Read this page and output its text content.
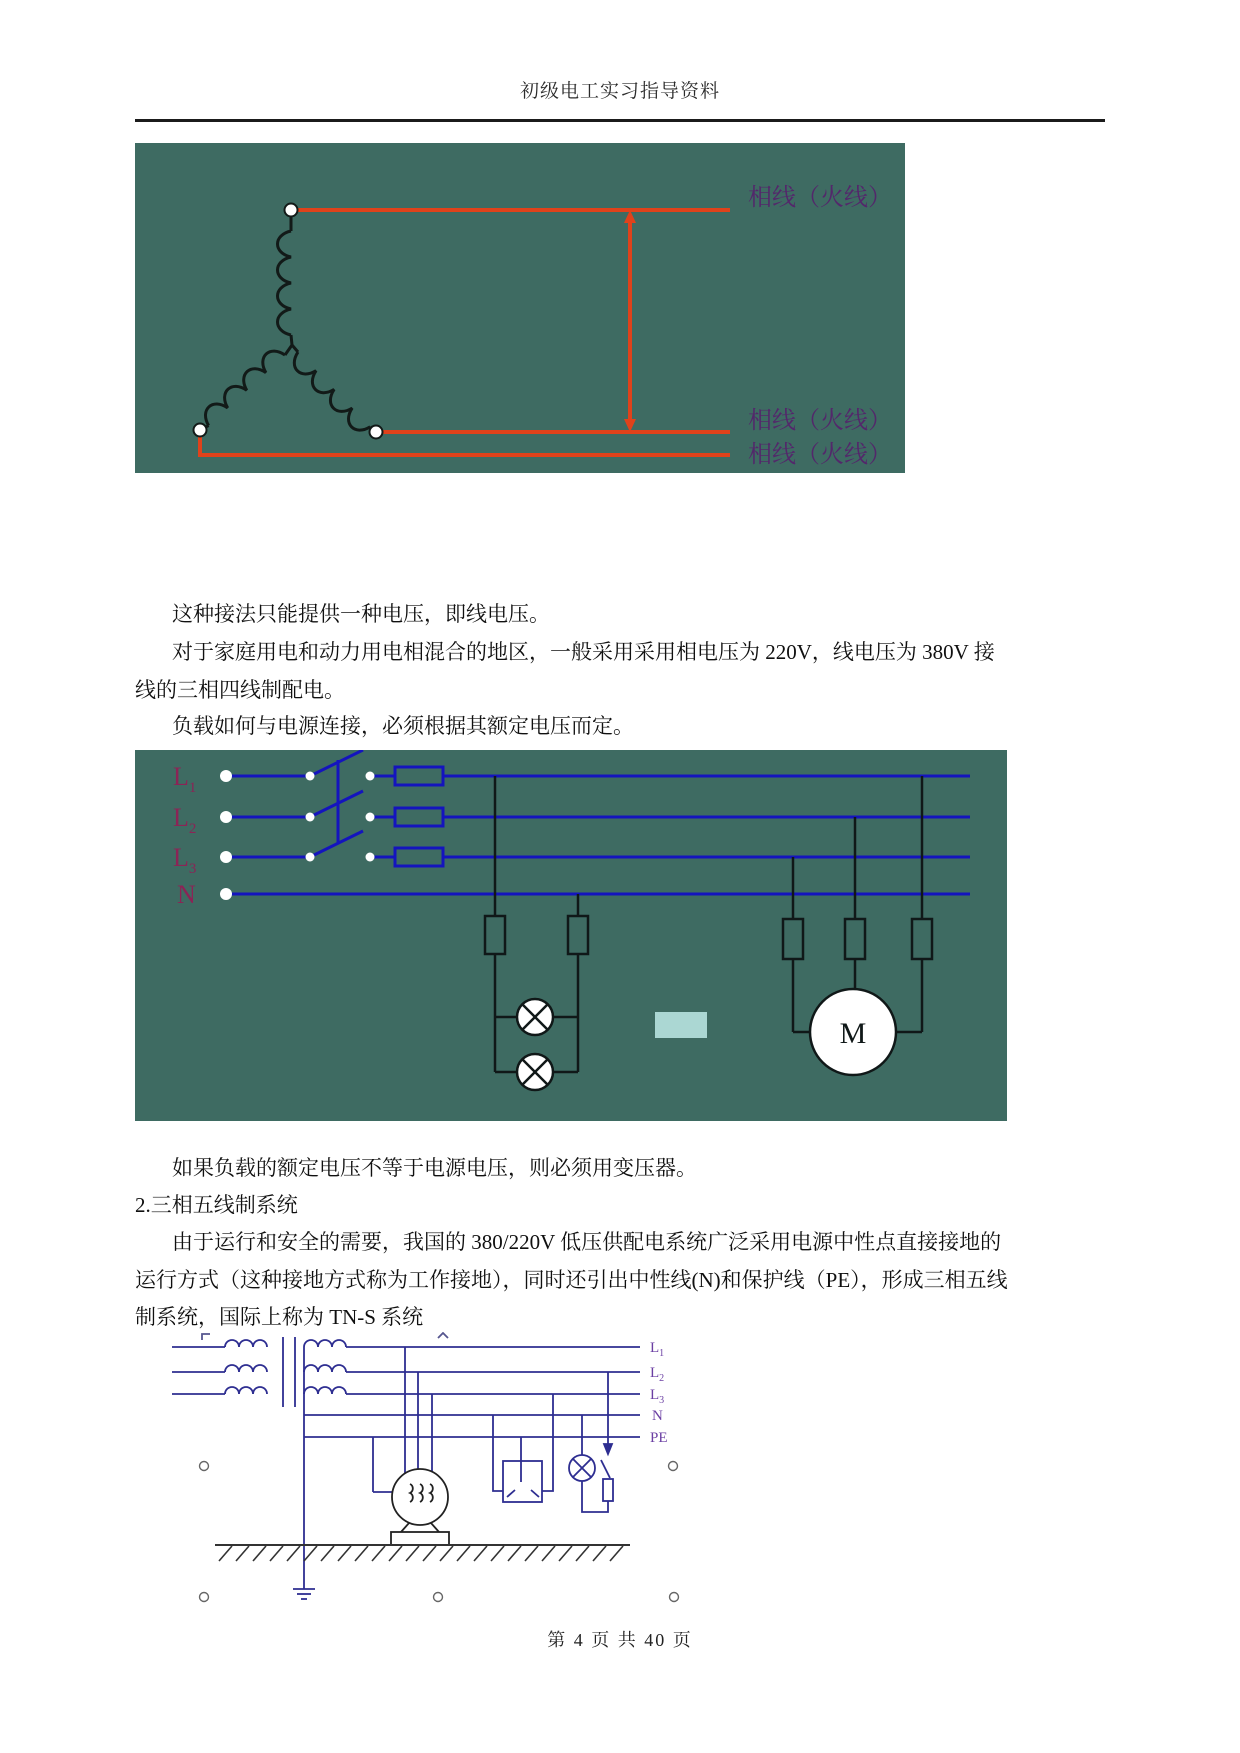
初级电工实习指导资料
相线（火线）
相线（火线）
相线（火线）
这种接法只能提供一种电压，即线电压。
对于家庭用电和动力用电相混合的地区，一般采用采用相电压为 220V，线电压为 380V 接
线的三相四线制配电。
负载如何与电源连接，必须根据其额定电压而定。
$L_1$
$L_2$
$L_3$
N
M
如果负载的额定电压不等于电源电压，则必须用变压器。
2.三相五线制系统
由于运行和安全的需要，我国的 380/220V 低压供配电系统广泛采用电源中性点直接接地的
运行方式（这种接地方式称为工作接地），同时还引出中性线(N)和保护线（PE），形成三相五线
制系统，国际上称为 TN-S 系统
$L_1$
$L_2$
$L_3$
N
PE
第 4 页 共 40 页
